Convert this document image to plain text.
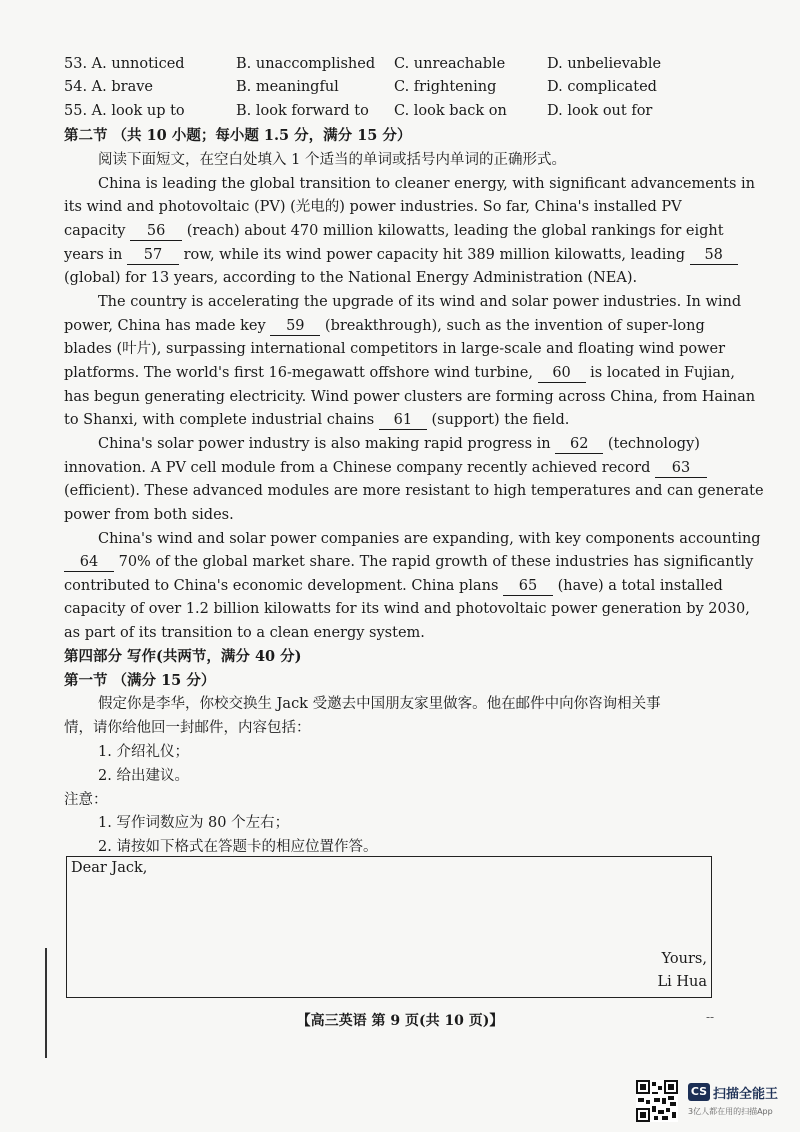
53. A. unnoticed	B. unaccomplished C. unreachable	D. unbelievable
54. A. brave	B. meaningful	C. frightening	D. complicated
55. A. look up to	B. look forward to C. look back on	D. look out for
第二节 （共 10 小题；每小题 1.5 分，满分 15 分）
阅读下面短文，在空白处填入 1 个适当的单词或括号内单词的正确形式。
China is leading the global transition to cleaner energy, with significant advancements in
its wind and photovoltaic (PV) (光电的) power industries. So far, China's installed PV
capacity 56 (reach) about 470 million kilowatts, leading the global rankings for eight
years in 57 row, while its wind power capacity hit 389 million kilowatts, leading 58
(global) for 13 years, according to the National Energy Administration (NEA).
The country is accelerating the upgrade of its wind and solar power industries. In wind
power, China has made key 59 (breakthrough), such as the invention of super-long
blades (叶片), surpassing international competitors in large-scale and floating wind power
platforms. The world's first 16-megawatt offshore wind turbine, 60 is located in Fujian,
has begun generating electricity. Wind power clusters are forming across China, from Hainan
to Shanxi, with complete industrial chains 61 (support) the field.
China's solar power industry is also making rapid progress in 62 (technology)
innovation. A PV cell module from a Chinese company recently achieved record 63
(efficient). These advanced modules are more resistant to high temperatures and can generate
power from both sides.
China's wind and solar power companies are expanding, with key components accounting
64 70% of the global market share. The rapid growth of these industries has significantly
contributed to China's economic development. China plans 65 (have) a total installed
capacity of over 1.2 billion kilowatts for its wind and photovoltaic power generation by 2030,
as part of its transition to a clean energy system.
第四部分 写作(共两节，满分 40 分)
第一节 （满分 15 分）
假定你是李华，你校交换生 Jack 受邀去中国朋友家里做客。他在邮件中向你咨询相关事
情，请你给他回一封邮件，内容包括：
1. 介绍礼仪；
2. 给出建议。
注意：
1. 写作词数应为 80 个左右；
2. 请按如下格式在答题卡的相应位置作答。
Dear Jack,
Yours,
Li Hua
【高三英语 第 9 页(共 10 页)】	--
CS 扫描全能王
3亿人都在用的扫描App
